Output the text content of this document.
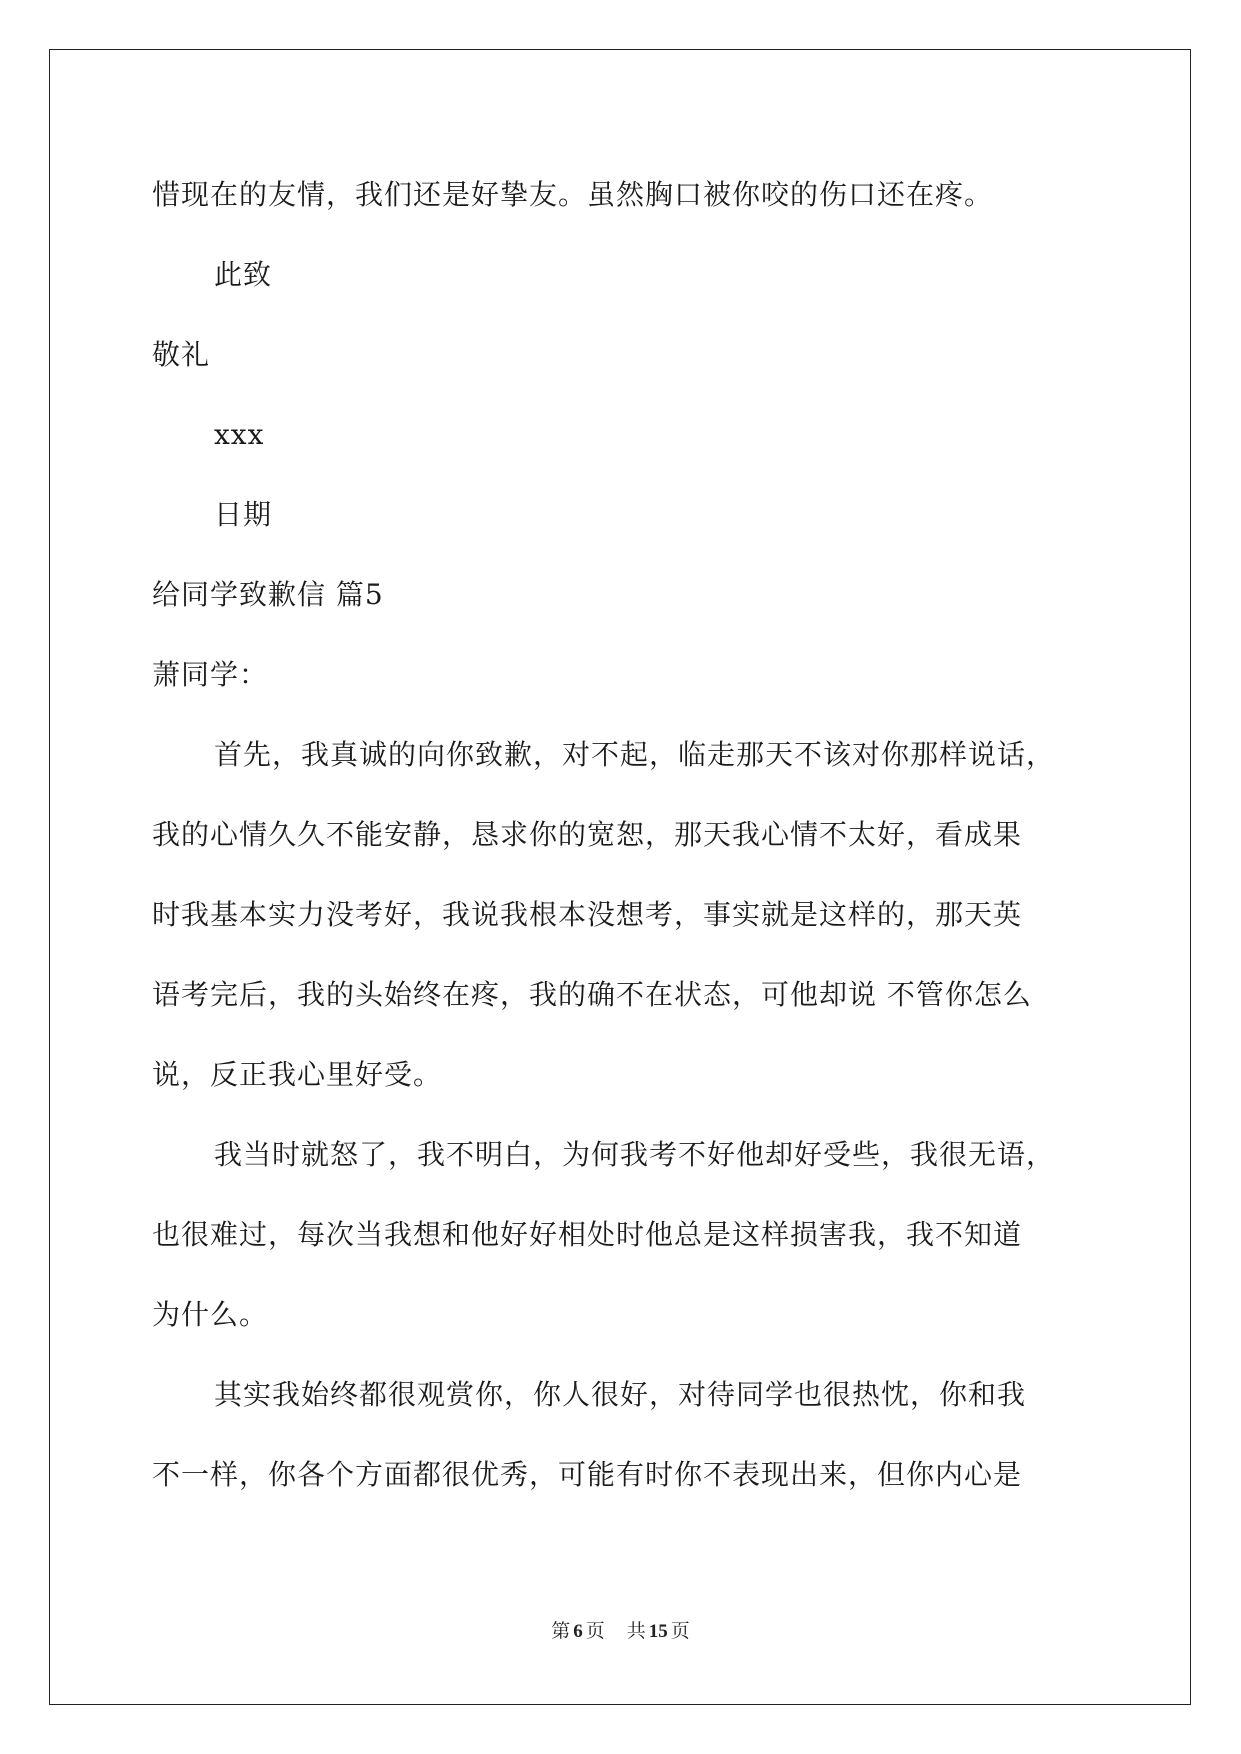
惜现在的友情，我们还是好挚友。虽然胸口被你咬的伤口还在疼。
此致
敬礼
xxx
日期
给同学致歉信 篇5
萧同学：
首先，我真诚的向你致歉，对不起，临走那天不该对你那样说话，
我的心情久久不能安静，恳求你的宽恕，那天我心情不太好，看成果
时我基本实力没考好，我说我根本没想考，事实就是这样的，那天英
语考完后，我的头始终在疼，我的确不在状态，可他却说 不管你怎么
说，反正我心里好受。
我当时就怒了，我不明白，为何我考不好他却好受些，我很无语，
也很难过，每次当我想和他好好相处时他总是这样损害我，我不知道
为什么。
其实我始终都很观赏你，你人很好，对待同学也很热忱，你和我
不一样，你各个方面都很优秀，可能有时你不表现出来，但你内心是
第 6 页 共 15 页
